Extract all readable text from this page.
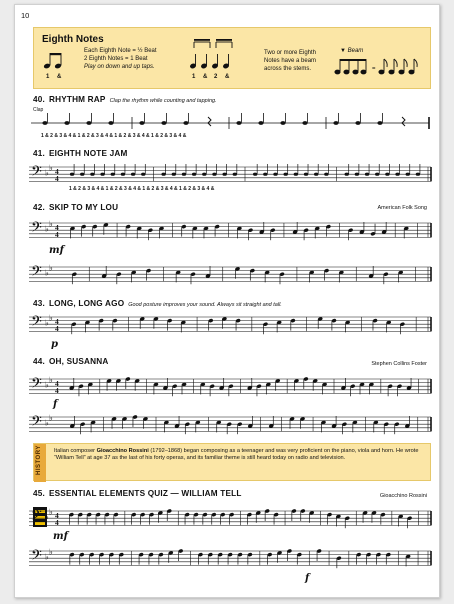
10
Eighth Notes
1 &
Each Eighth Note = ½ Beat
2 Eighth Notes = 1 Beat
Play on down and up taps.
1 & 2 &
Two or more Eighth
Notes have a beam
across the stems.
▼ Beam
=
40. RHYTHM RAP Clap the rhythm while counting and tapping.
Clap
1 & 2 & 3 & 4 & 1 & 2 & 3 & 4 & 1 & 2 & 3 & 4 & 1 & 2 & 3 & 4 &
41. EIGHTH NOTE JAM
𝄢 ♭
♭ 4
4
1 & 2 & 3 & 4 & 1 & 2 & 3 & 4 & 1 & 2 & 3 & 4 & 1 & 2 & 3 & 4 &
42. SKIP TO MY LOU	American Folk Song
𝄢 ♭
♭ 4
4
mf
𝄢 ♭
♭
43. LONG, LONG AGO Good posture improves your sound. Always sit straight and tall.
𝄢 ♭
♭ 4
4
p
44. OH, SUSANNA	Stephen Collins Foster
𝄢 ♭
♭ 4
4
f
𝄢 ♭
♭
HISTORY Italian composer Gioacchino Rossini (1792–1868) began composing as a teenager and was very proficient on the piano, viola and horn. He wrote “William Tell” at age 37 as the last of his forty operas, and its familiar theme is still heard today on radio and television.
45. ESSENTIAL ELEMENTS QUIZ — WILLIAM TELL	Gioacchino Rossini
𝄢 ♭
♭ 4
4
mf
𝄢 ♭
♭
f
